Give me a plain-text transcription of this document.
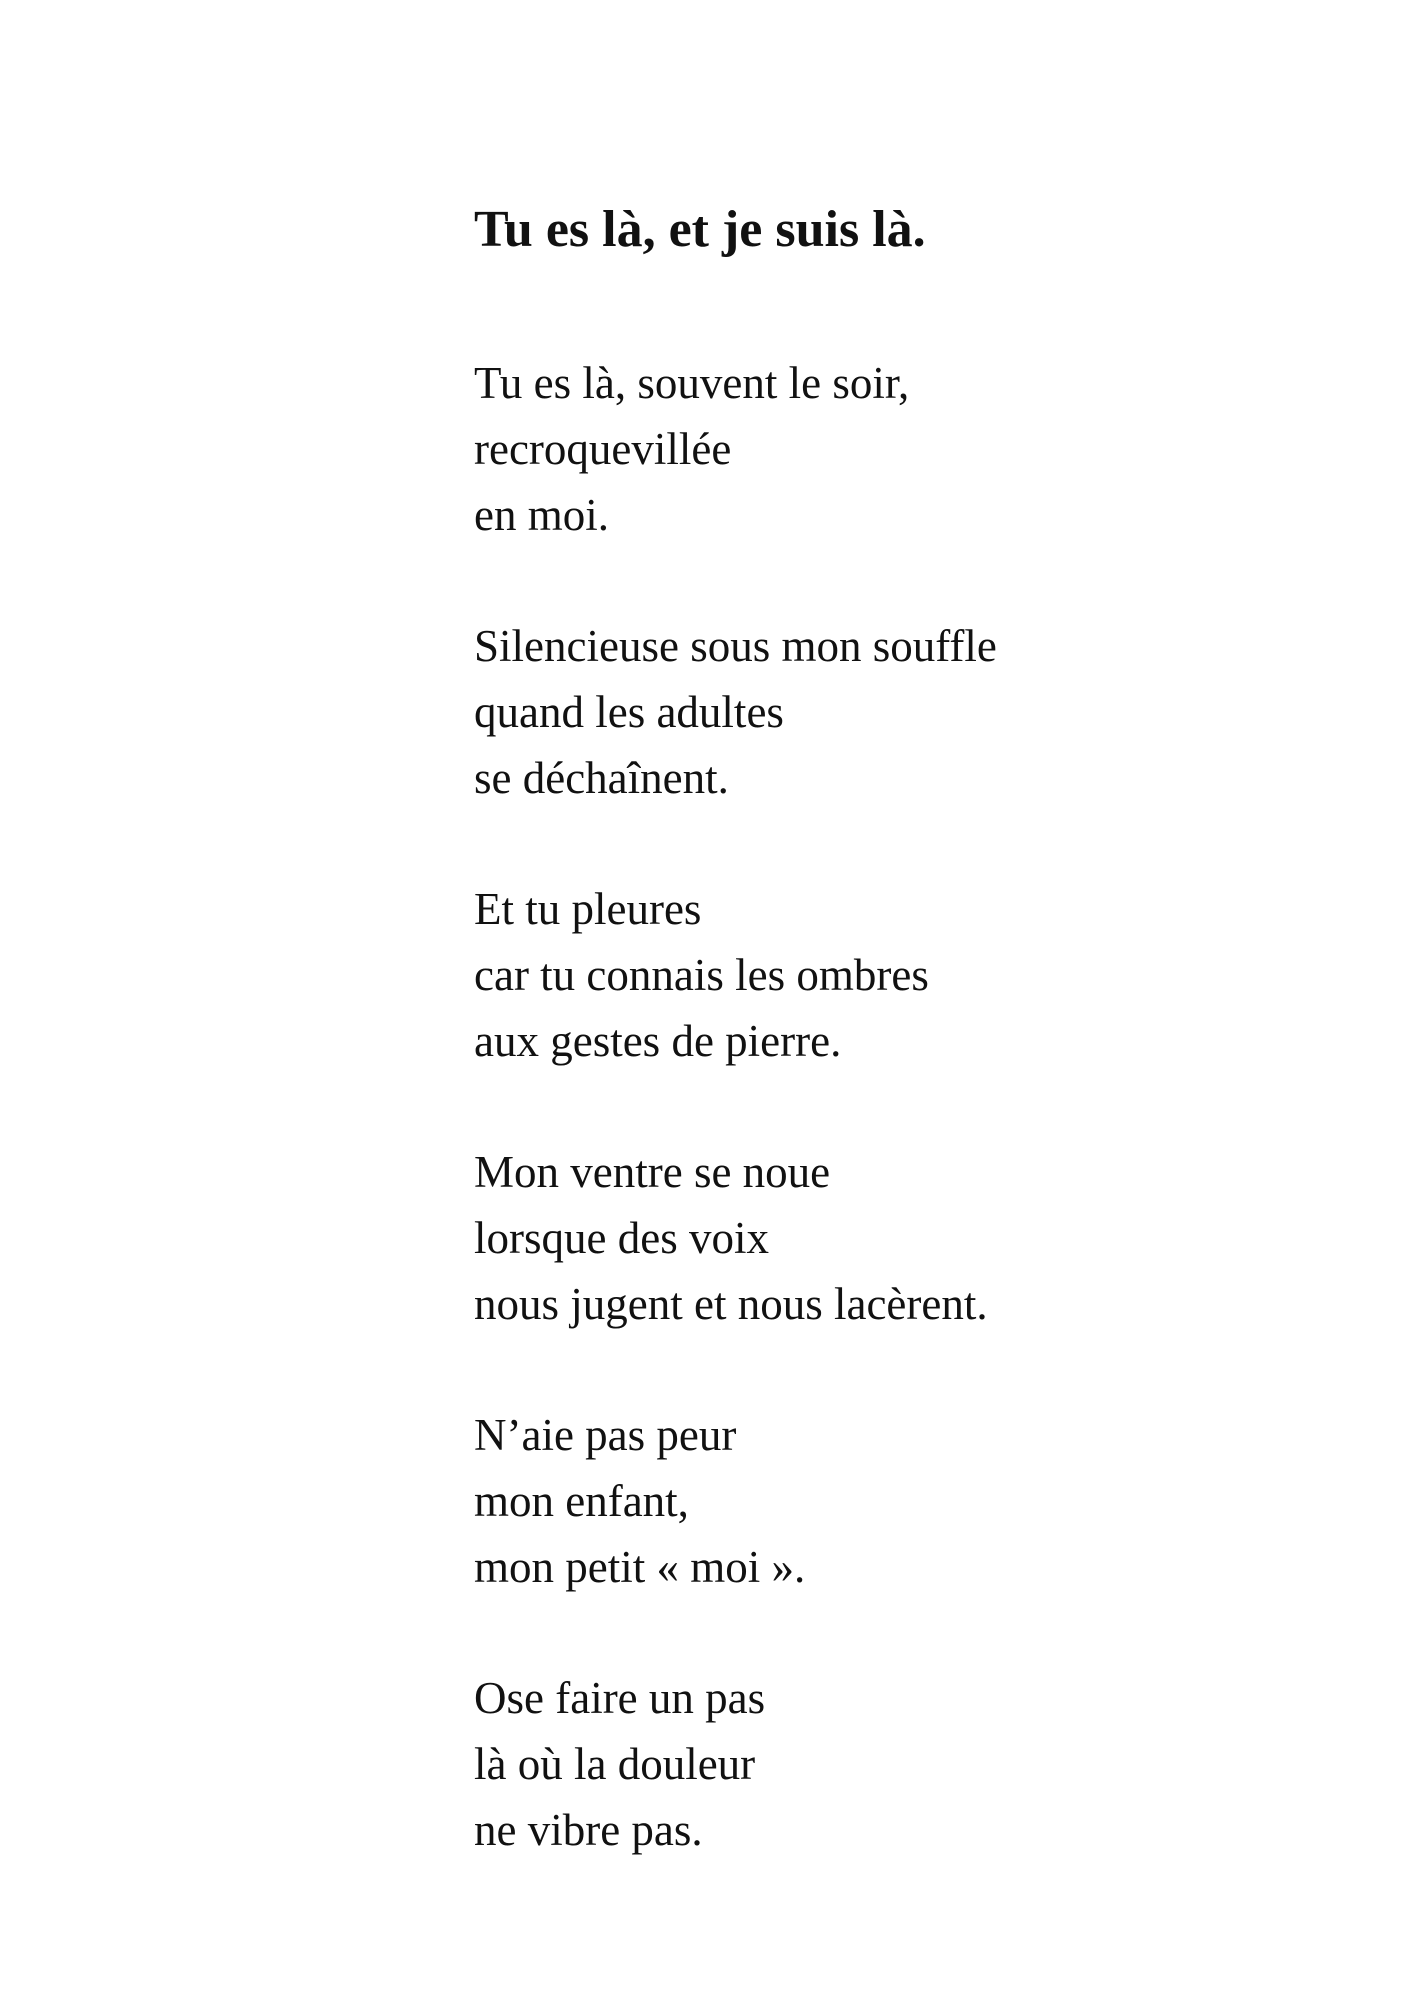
Tu es là, et je suis là.
Tu es là, souvent le soir,
recroquevillée
en moi.
Silencieuse sous mon souffle
quand les adultes
se déchaînent.
Et tu pleures
car tu connais les ombres
aux gestes de pierre.
Mon ventre se noue
lorsque des voix
nous jugent et nous lacèrent.
N’aie pas peur
mon enfant,
mon petit « moi ».
Ose faire un pas
là où la douleur
ne vibre pas.
